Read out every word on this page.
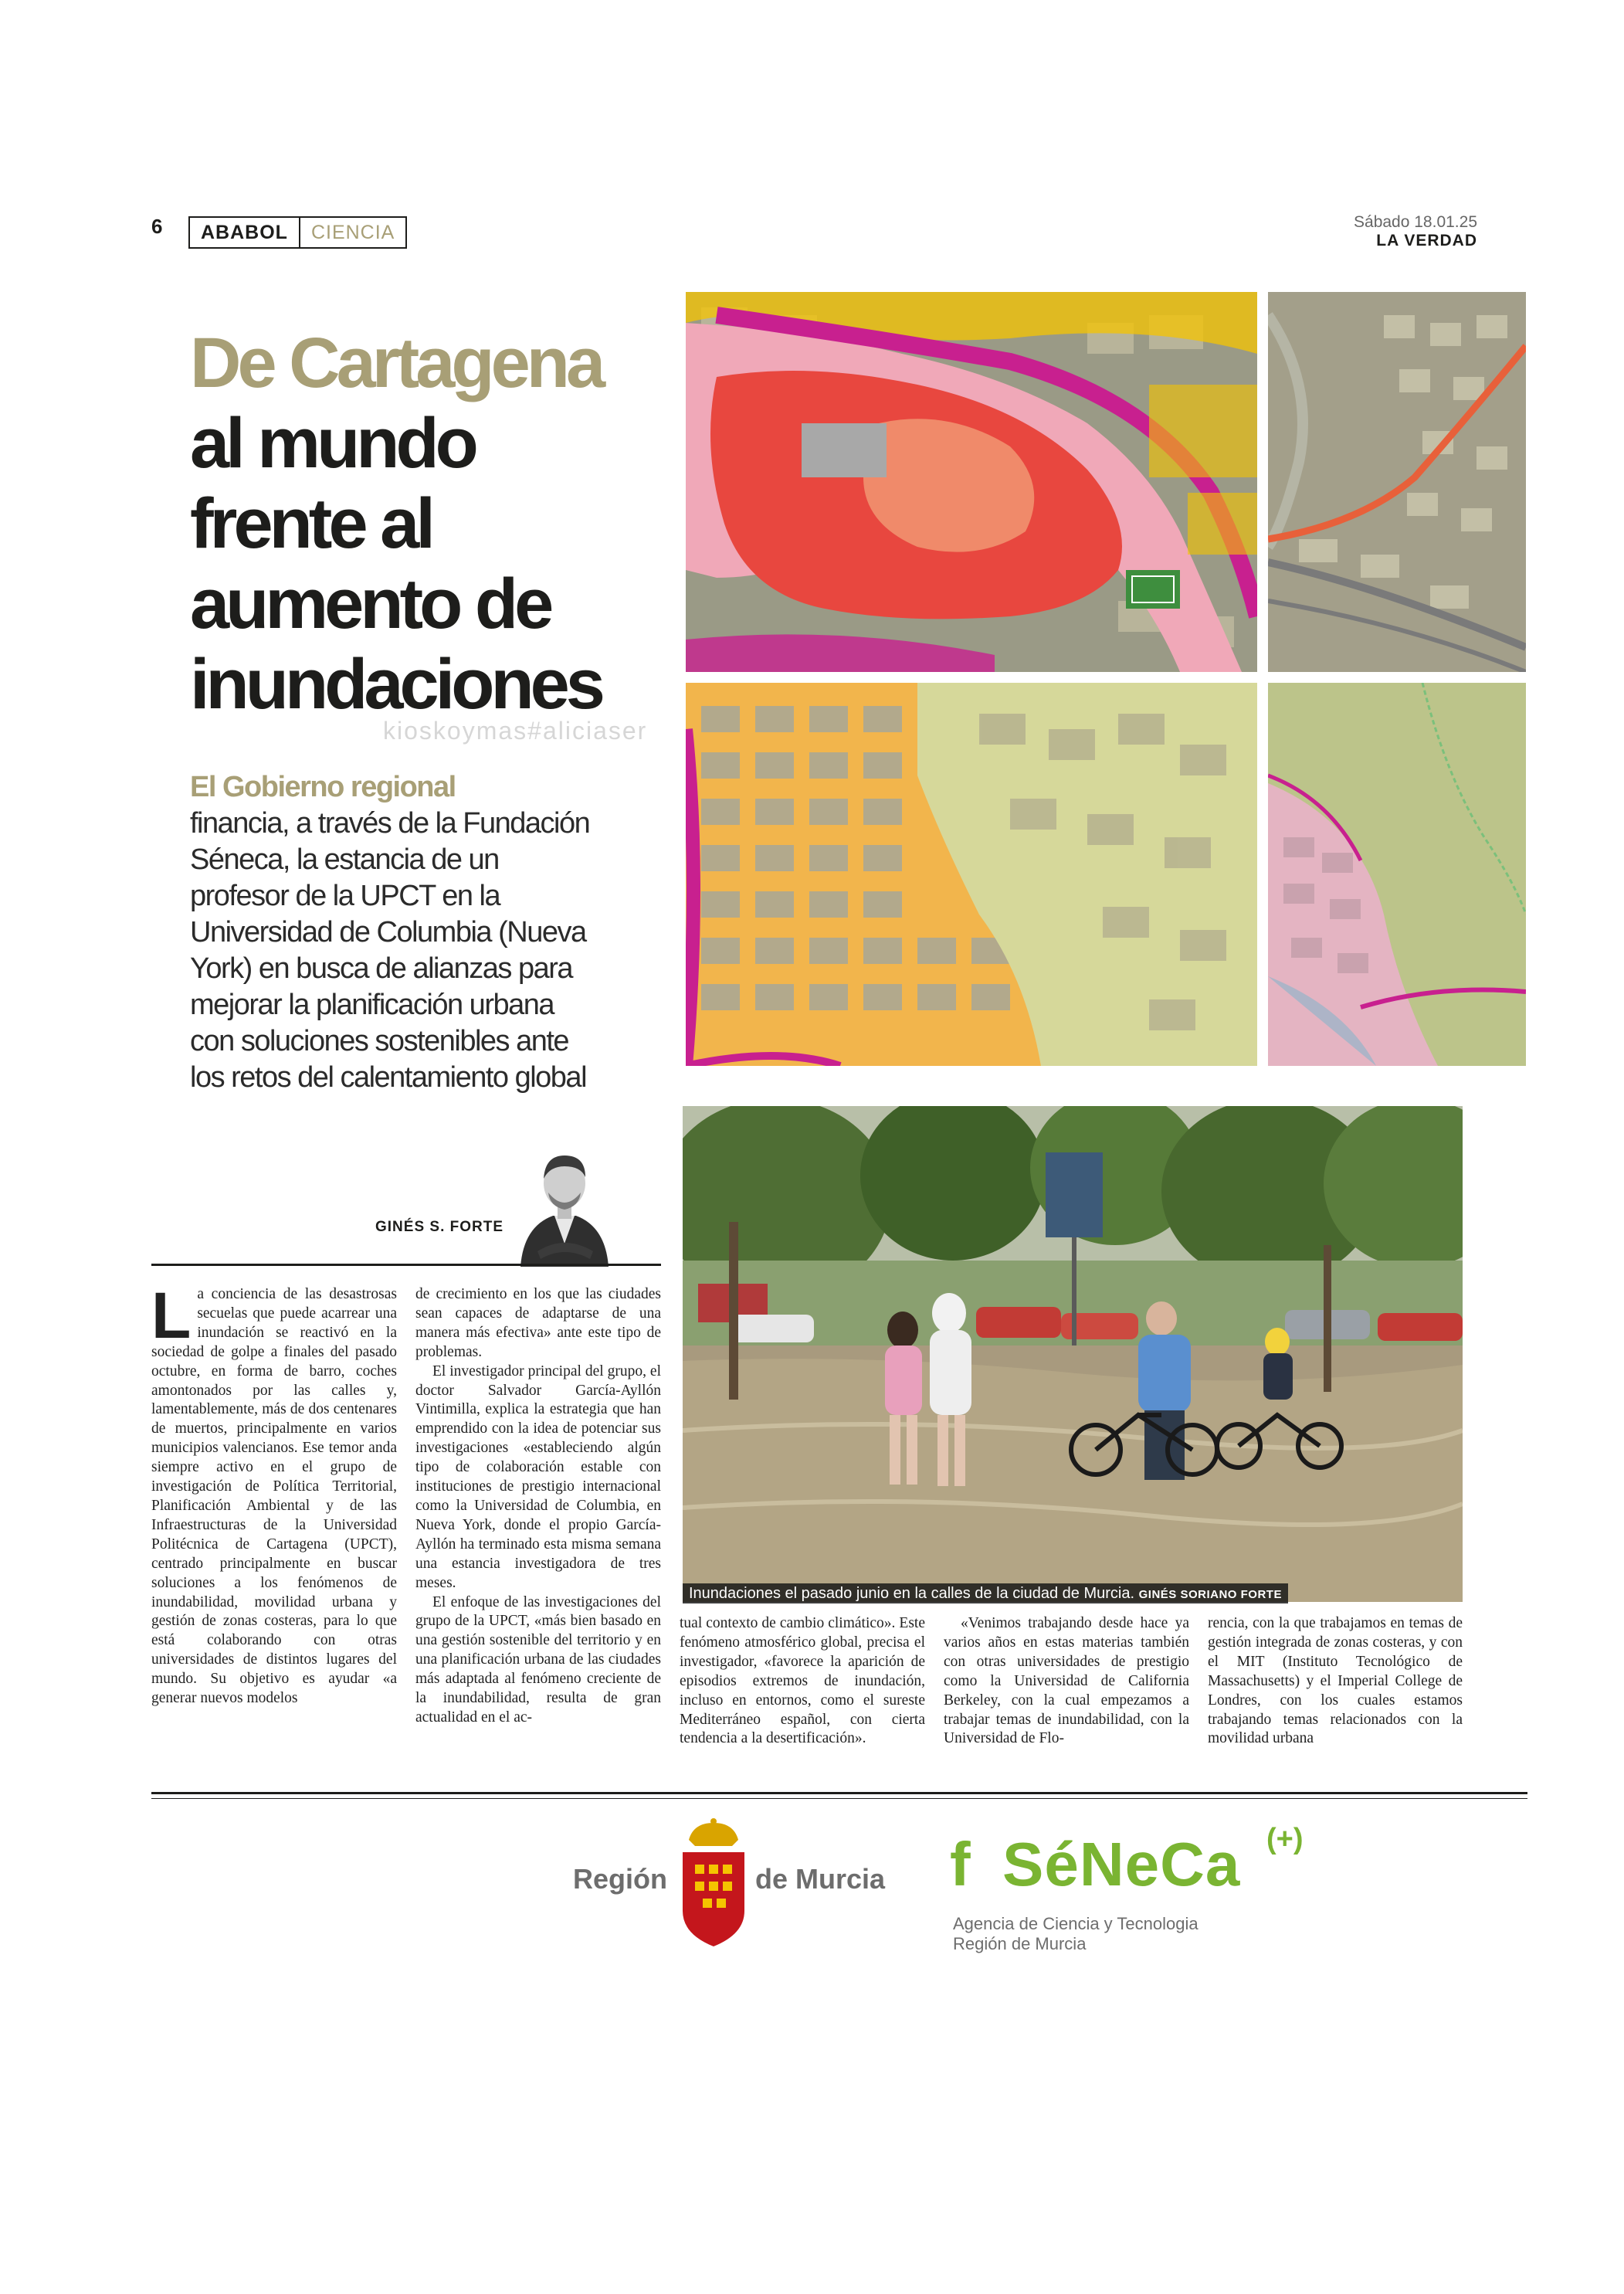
6	ABABOL	CIENCIA	Sábado 18.01.25
LA VERDAD
De Cartagena
al mundo
frente al
aumento de
inundaciones
kioskoymas#aliciaser
El Gobierno regional
financia, a través de la Fundación Séneca, la estancia de un profesor de la UPCT en la Universidad de Columbia (Nueva York) en busca de alianzas para mejorar la planificación urbana con soluciones sostenibles ante los retos del calentamiento global
GINÉS S. FORTE

La conciencia de las desastrosas secuelas que puede acarrear una inundación se reactivó en la sociedad de golpe a finales del pasado octubre, en forma de barro, coches amontonados por las calles y, lamentablemente, más de dos centenares de muertos, principalmente en varios municipios valencianos. Ese temor anda siempre activo en el grupo de investigación de Política Territorial, Planificación Ambiental y de las Infraestructuras de la Universidad Politécnica de Cartagena (UPCT), centrado principalmente en buscar soluciones a los fenómenos de inundabilidad, movilidad urbana y gestión de zonas costeras, para lo que está colaborando con otras universidades de distintos lugares del mundo. Su objetivo es ayudar «a generar nuevos modelos

de crecimiento en los que las ciudades sean capaces de adaptarse de una manera más efectiva» ante este tipo de problemas.

El investigador principal del grupo, el doctor Salvador García-Ayllón Vintimilla, explica la estrategia que han emprendido con la idea de potenciar sus investigaciones «estableciendo algún tipo de colaboración estable con instituciones de prestigio internacional como la Universidad de Columbia, en Nueva York, donde el propio García-Ayllón ha terminado esta misma semana una estancia investigadora de tres meses.

El enfoque de las investigaciones del grupo de la UPCT, «más bien basado en una gestión sostenible del territorio y en una planificación urbana de las ciudades más adaptada al fenómeno creciente de la inundabilidad, resulta de gran actualidad en el ac-

tual contexto de cambio climático». Este fenómeno atmosférico global, precisa el investigador, «favorece la aparición de episodios extremos de inundación, incluso en entornos, como el sureste Mediterráneo español, con cierta tendencia a la desertificación».

«Venimos trabajando desde hace ya varios años en estas materias también con otras universidades de prestigio como la Universidad de California Berkeley, con la cual empezamos a trabajar temas de inundabilidad, con la Universidad de Flo-

rencia, con la que trabajamos en temas de gestión integrada de zonas costeras, y con el MIT (Instituto Tecnológico de Massachusetts) y el Imperial College de Londres, con los cuales estamos trabajando temas relacionados con la movilidad urbana

Inundaciones el pasado junio en la calles de la ciudad de Murcia. GINÉS SORIANO FORTE
Región	de Murcia f SéNeCa (+)
Agencia de Ciencia y Tecnologia
Región de Murcia
